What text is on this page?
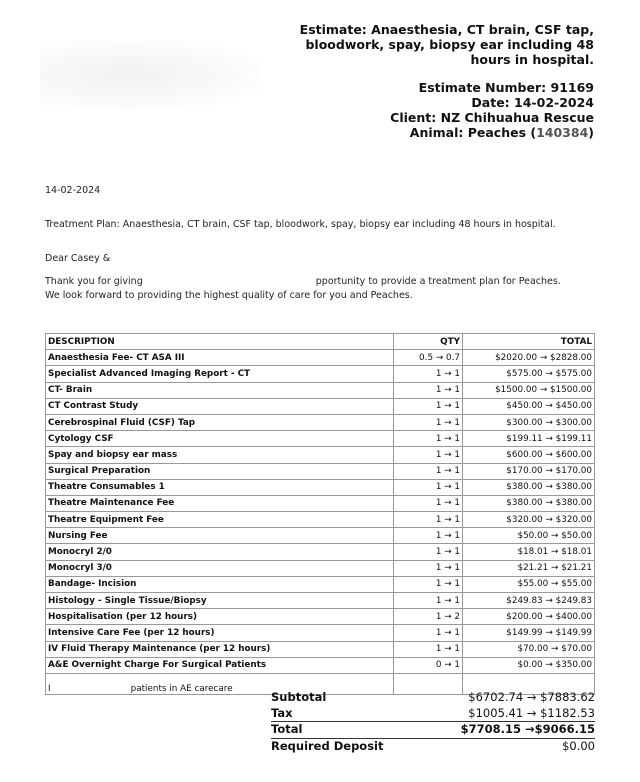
Estimate: Anaesthesia, CT brain, CSF tap, bloodwork, spay, biopsy ear including 48 hours in hospital.
Estimate Number: 91169
Date: 14-02-2024
Client: NZ Chihuahua Rescue
Animal: Peaches (140384)
14-02-2024
Treatment Plan: Anaesthesia, CT brain, CSF tap, bloodwork, spay, biopsy ear including 48 hours in hospital.
Dear Casey &
Thank you for giving	pportunity to provide a treatment plan for Peaches.
We look forward to providing the highest quality of care for you and Peaches.
DESCRIPTION	QTY	TOTAL
Anaesthesia Fee- CT ASA III	0.5 → 0.7	$2020.00 → $2828.00
Specialist Advanced Imaging Report - CT	1 → 1	$575.00 → $575.00
CT- Brain	1 → 1	$1500.00 → $1500.00
CT Contrast Study	1 → 1	$450.00 → $450.00
Cerebrospinal Fluid (CSF) Tap	1 → 1	$300.00 → $300.00
Cytology CSF	1 → 1	$199.11 → $199.11
Spay and biopsy ear mass	1 → 1	$600.00 → $600.00
Surgical Preparation	1 → 1	$170.00 → $170.00
Theatre Consumables 1	1 → 1	$380.00 → $380.00
Theatre Maintenance Fee	1 → 1	$380.00 → $380.00
Theatre Equipment Fee	1 → 1	$320.00 → $320.00
Nursing Fee	1 → 1	$50.00 → $50.00
Monocryl 2/0	1 → 1	$18.01 → $18.01
Monocryl 3/0	1 → 1	$21.21 → $21.21
Bandage- Incision	1 → 1	$55.00 → $55.00
Histology - Single Tissue/Biopsy	1 → 1	$249.83 → $249.83
Hospitalisation (per 12 hours)	1 → 2	$200.00 → $400.00
Intensive Care Fee (per 12 hours)	1 → 1	$149.99 → $149.99
IV Fluid Therapy Maintenance (per 12 hours)	1 → 1	$70.00 → $70.00
A&E Overnight Charge For Surgical Patients	0 → 1	$0.00 → $350.00
I patients in AE carecare		
Subtotal	$6702.74 → $7883.62
Tax	$1005.41 → $1182.53
Total	$7708.15 →$9066.15
Required Deposit	$0.00
